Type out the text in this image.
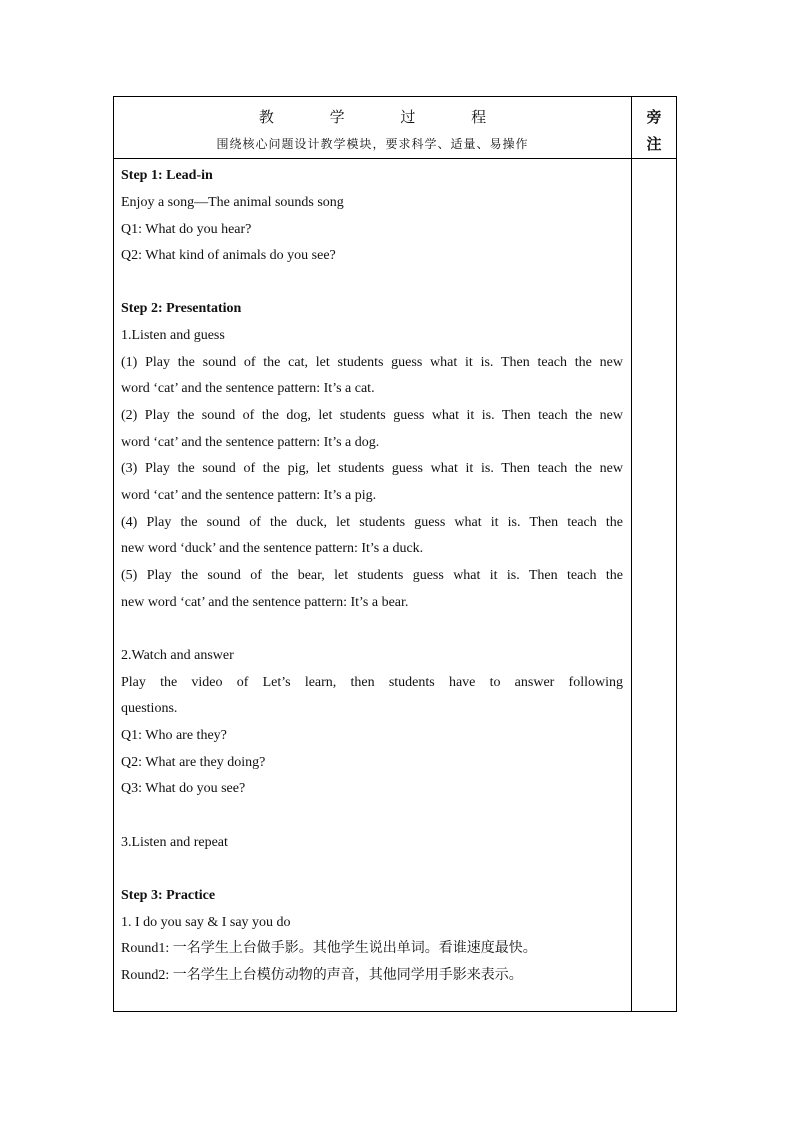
教 学 过 程
围绕核心问题设计教学模块，要求科学、适量、易操作
旁
注
Step 1: Lead-in
Enjoy a song—The animal sounds song
Q1: What do you hear?
Q2: What kind of animals do you see?
Step 2: Presentation
1.Listen and guess
(1) Play the sound of the cat, let students guess what it is. Then teach the new
word ‘cat’ and the sentence pattern: It’s a cat.
(2) Play the sound of the dog, let students guess what it is. Then teach the new
word ‘cat’ and the sentence pattern: It’s a dog.
(3) Play the sound of the pig, let students guess what it is. Then teach the new
word ‘cat’ and the sentence pattern: It’s a pig.
(4) Play the sound of the duck, let students guess what it is. Then teach the
new word ‘duck’ and the sentence pattern: It’s a duck.
(5) Play the sound of the bear, let students guess what it is. Then teach the
new word ‘cat’ and the sentence pattern: It’s a bear.
2.Watch and answer
Play the video of Let’s learn, then students have to answer following
questions.
Q1: Who are they?
Q2: What are they doing?
Q3: What do you see?
3.Listen and repeat
Step 3: Practice
1. I do you say & I say you do
Round1: 一名学生上台做手影。其他学生说出单词。看谁速度最快。
Round2: 一名学生上台模仿动物的声音，其他同学用手影来表示。
